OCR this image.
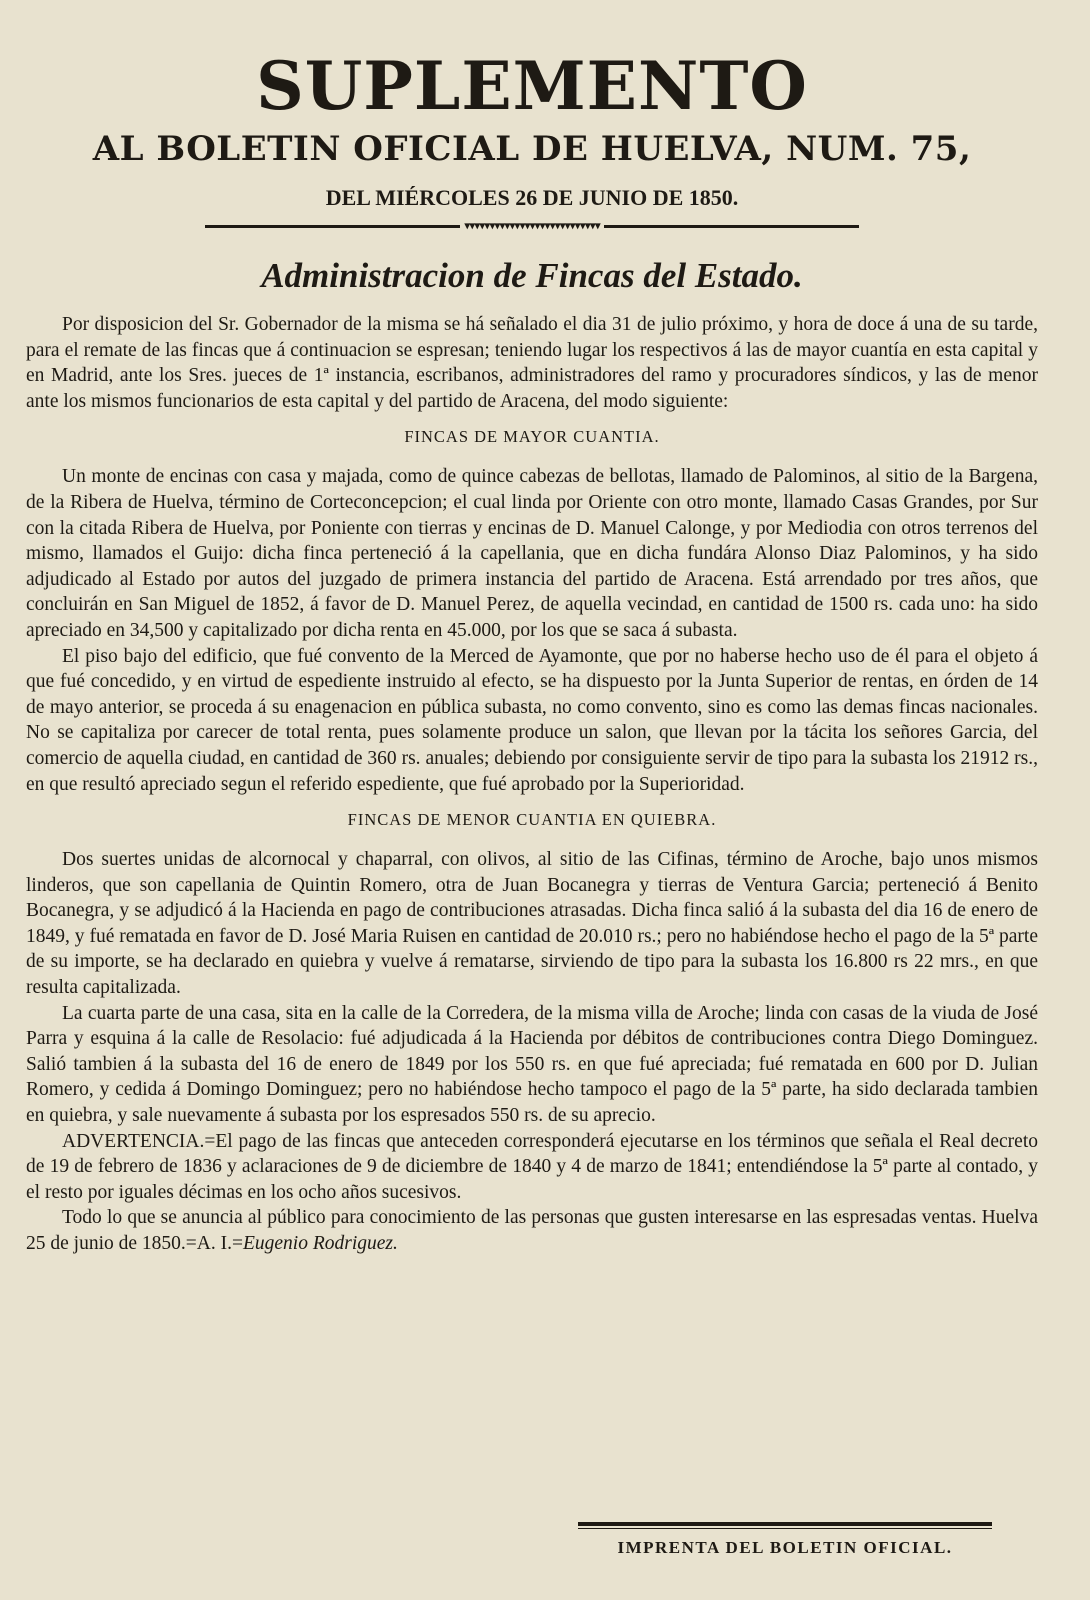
SUPLEMENTO
AL BOLETIN OFICIAL DE HUELVA, NUM. 75,
DEL MIÉRCOLES 26 DE JUNIO DE 1850.
▼▼▼▼▼▼▼▼▼▼▼▼▼▼▼▼▼▼▼▼▼▼▼▼▼▼▼
Administracion de Fincas del Estado.

Por disposicion del Sr. Gobernador de la misma se há señalado el dia 31 de julio próximo, y hora de doce á una de su tarde, para el remate de las fincas que á continuacion se espresan; teniendo lugar los respectivos á las de mayor cuantía en esta capital y en Madrid, ante los Sres. jueces de 1ª instancia, escribanos, administradores del ramo y procuradores síndicos, y las de menor ante los mismos funcionarios de esta capital y del partido de Aracena, del modo siguiente:

FINCAS DE MAYOR CUANTIA.

Un monte de encinas con casa y majada, como de quince cabezas de bellotas, llamado de Palominos, al sitio de la Bargena, de la Ribera de Huelva, término de Corteconcepcion; el cual linda por Oriente con otro monte, llamado Casas Grandes, por Sur con la citada Ribera de Huelva, por Poniente con tierras y encinas de D. Manuel Calonge, y por Mediodia con otros terrenos del mismo, llamados el Guijo: dicha finca perteneció á la capellania, que en dicha fundára Alonso Diaz Palominos, y ha sido adjudicado al Estado por autos del juzgado de primera instancia del partido de Aracena. Está arrendado por tres años, que concluirán en San Miguel de 1852, á favor de D. Manuel Perez, de aquella vecindad, en cantidad de 1500 rs. cada uno: ha sido apreciado en 34,500 y capitalizado por dicha renta en 45.000, por los que se saca á subasta.

El piso bajo del edificio, que fué convento de la Merced de Ayamonte, que por no haberse hecho uso de él para el objeto á que fué concedido, y en virtud de espediente instruido al efecto, se ha dispuesto por la Junta Superior de rentas, en órden de 14 de mayo anterior, se proceda á su enagenacion en pública subasta, no como convento, sino es como las demas fincas nacionales. No se capitaliza por carecer de total renta, pues solamente produce un salon, que llevan por la tácita los señores Garcia, del comercio de aquella ciudad, en cantidad de 360 rs. anuales; debiendo por consiguiente servir de tipo para la subasta los 21912 rs., en que resultó apreciado segun el referido espediente, que fué aprobado por la Superioridad.

FINCAS DE MENOR CUANTIA EN QUIEBRA.

Dos suertes unidas de alcornocal y chaparral, con olivos, al sitio de las Cifinas, término de Aroche, bajo unos mismos linderos, que son capellania de Quintin Romero, otra de Juan Bocanegra y tierras de Ventura Garcia; perteneció á Benito Bocanegra, y se adjudicó á la Hacienda en pago de contribuciones atrasadas. Dicha finca salió á la subasta del dia 16 de enero de 1849, y fué rematada en favor de D. José Maria Ruisen en cantidad de 20.010 rs.; pero no habiéndose hecho el pago de la 5ª parte de su importe, se ha declarado en quiebra y vuelve á rematarse, sirviendo de tipo para la subasta los 16.800 rs 22 mrs., en que resulta capitalizada.

La cuarta parte de una casa, sita en la calle de la Corredera, de la misma villa de Aroche; linda con casas de la viuda de José Parra y esquina á la calle de Resolacio: fué adjudicada á la Hacienda por débitos de contribuciones contra Diego Dominguez. Salió tambien á la subasta del 16 de enero de 1849 por los 550 rs. en que fué apreciada; fué rematada en 600 por D. Julian Romero, y cedida á Domingo Dominguez; pero no habiéndose hecho tampoco el pago de la 5ª parte, ha sido declarada tambien en quiebra, y sale nuevamente á subasta por los espresados 550 rs. de su aprecio.

ADVERTENCIA.=El pago de las fincas que anteceden corresponderá ejecutarse en los términos que señala el Real decreto de 19 de febrero de 1836 y aclaraciones de 9 de diciembre de 1840 y 4 de marzo de 1841; entendiéndose la 5ª parte al contado, y el resto por iguales décimas en los ocho años sucesivos.

Todo lo que se anuncia al público para conocimiento de las personas que gusten interesarse en las espresadas ventas. Huelva 25 de junio de 1850.=A. I.=Eugenio Rodriguez.

IMPRENTA DEL BOLETIN OFICIAL.
